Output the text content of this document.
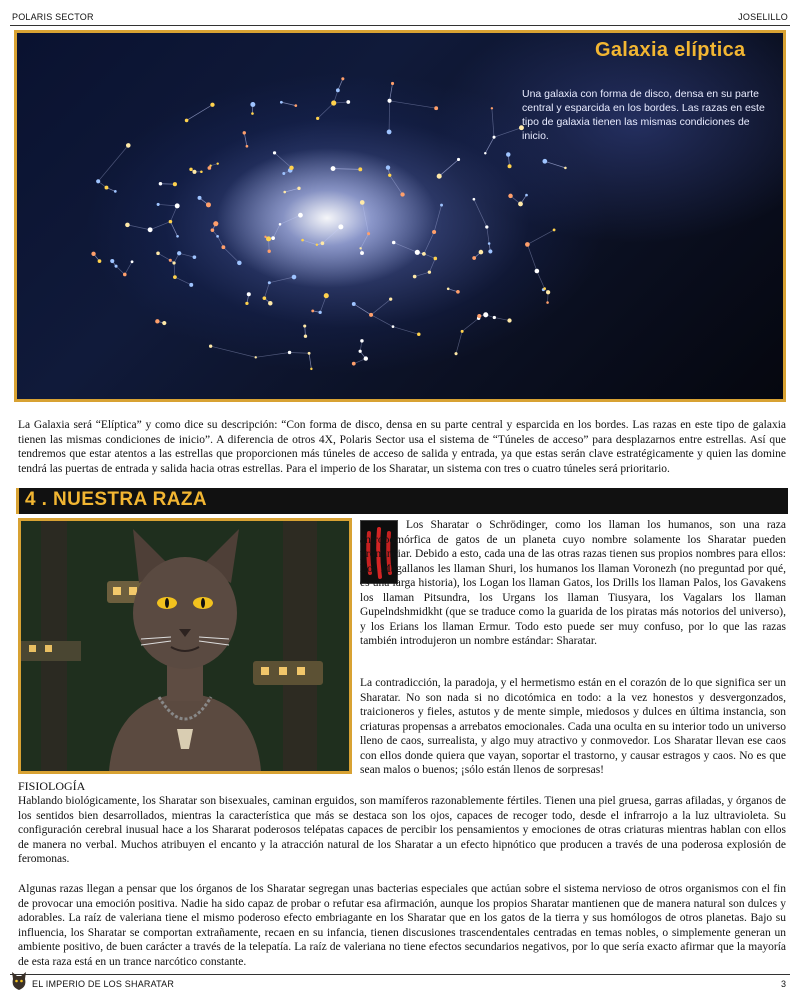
POLARIS SECTOR	JOSELILLO
Galaxia elíptica
Una galaxia con forma de disco, densa en su parte central y esparcida en los bordes. Las razas en este tipo de galaxia tienen las mismas condiciones de inicio.

La Galaxia será “Elíptica” y como dice su descripción: “Con forma de disco, densa en su parte central y esparcida en los bordes. Las razas en este tipo de galaxia tienen las mismas condiciones de inicio”. A diferencia de otros 4X, Polaris Sector usa el sistema de “Túneles de acceso” para desplazarnos entre estrellas. Así que tendremos que estar atentos a las estrellas que proporcionen más túneles de acceso de salida y entrada, ya que estas serán clave estratégicamente y quien las domine tendrá las puertas de entrada y salida hacia otras estrellas. Para el imperio de los Sharatar, un sistema con tres o cuatro túneles será prioritario.

4 . NUESTRA RAZA

Los Sharatar o Schrödinger, como los llaman los humanos, son una raza antropomórfica de gatos de un planeta cuyo nombre solamente los Sharatar pueden pronunciar. Debido a esto, cada una de las otras razas tienen sus propios nombres para ellos: Los Magallanos les llaman Shuri, los humanos los llaman Voronezh (no preguntad por qué, es una larga historia), los Logan los llaman Gatos, los Drills los llaman Palos, los Gavakens los llaman Pitsundra, los Urgans los llaman Tiusyara, los Vagalars los llaman Gupelndshmidkht (que se traduce como la guarida de los piratas más notorios del universo), y los Erians los llaman Ermur. Todo esto puede ser muy confuso, por lo que las razas también introdujeron un nombre estándar: Sharatar.

La contradicción, la paradoja, y el hermetismo están en el corazón de lo que significa ser un Sharatar. No son nada si no dicotómica en todo: a la vez honestos y desvergonzados, traicioneros y fieles, astutos y de mente simple, miedosos y dulces en última instancia, son criaturas propensas a arrebatos emocionales. Cada una oculta en su interior todo un universo lleno de caos, surrealista, y algo muy atractivo y conmovedor. Los Sharatar llevan ese caos con ellos donde quiera que vayan, soportar el trastorno, y causar estragos y caos. No es que sean malos o buenos; ¡sólo están llenos de sorpresas!

FISIOLOGÍA

Hablando biológicamente, los Sharatar son bisexuales, caminan erguidos, son mamíferos razonablemente fértiles. Tienen una piel gruesa, garras afiladas, y órganos de los sentidos bien desarrollados, mientras la característica que más se destaca son los ojos, capaces de recoger todo, desde el infrarrojo a la luz ultravioleta. Su configuración cerebral inusual hace a los Shararat poderosos telépatas capaces de percibir los pensamientos y emociones de otras criaturas mientras hablan con ellos de manera no verbal. Muchos atribuyen el encanto y la atracción natural de los Sharatar a un efecto hipnótico que producen a través de una poderosa explosión de feromonas.

Algunas razas llegan a pensar que los órganos de los Sharatar segregan unas bacterias especiales que actúan sobre el sistema nervioso de otros organismos con el fin de provocar una emoción positiva. Nadie ha sido capaz de probar o refutar esa afirmación, aunque los propios Sharatar mantienen que de manera natural son dulces y adorables. La raíz de valeriana tiene el mismo poderoso efecto embriagante en los Sharatar que en los gatos de la tierra y sus homólogos de otros planetas. Bajo su influencia, los Sharatar se comportan extrañamente, recaen en su infancia, tienen discusiones trascendentales centradas en temas nobles, o simplemente generan un ambiente positivo, de buen carácter a través de la telepatía. La raíz de valeriana no tiene efectos secundarios negativos, por lo que sería exacto afirmar que la mayoría de esta raza está en un trance narcótico constante.

EL IMPERIO DE LOS SHARATAR	3
